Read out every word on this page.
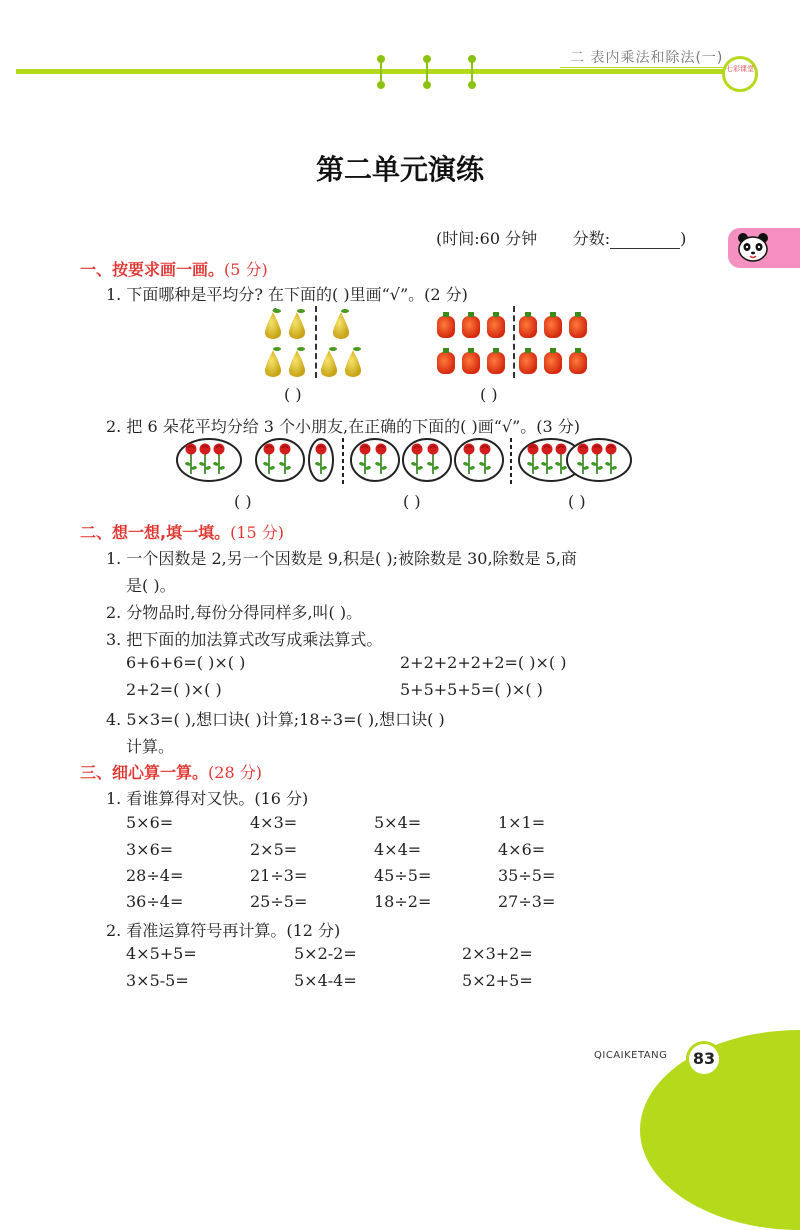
二 表内乘法和除法(一)
七彩课堂
第二单元演练
(时间:60 分钟 分数:	)
一、按要求画一画。(5 分)
1. 下面哪种是平均分? 在下面的( )里画“√”。(2 分)
( )	( )
2. 把 6 朵花平均分给 3 个小朋友,在正确的下面的( )画“√”。(3 分)
( )	( )	( )
二、想一想,填一填。(15 分)
1. 一个因数是 2,另一个因数是 9,积是( );被除数是 30,除数是 5,商
是( )。
2. 分物品时,每份分得同样多,叫( )。
3. 把下面的加法算式改写成乘法算式。
6+6+6=( )×( )	2+2+2+2+2=( )×( )
2+2=( )×( )	5+5+5+5=( )×( )
4. 5×3=( ),想口诀( )计算;18÷3=( ),想口诀( )
计算。
三、细心算一算。(28 分)
1. 看谁算得对又快。(16 分)
5×6=	4×3=	5×4=	1×1=
3×6=	2×5=	4×4=	4×6=
28÷4=	21÷3=	45÷5=	35÷5=
36÷4=	25÷5=	18÷2=	27÷3=
2. 看准运算符号再计算。(12 分)
4×5+5=	5×2-2=	2×3+2=
3×5-5=	5×4-4=	5×2+5=
QICAIKETANG	83
